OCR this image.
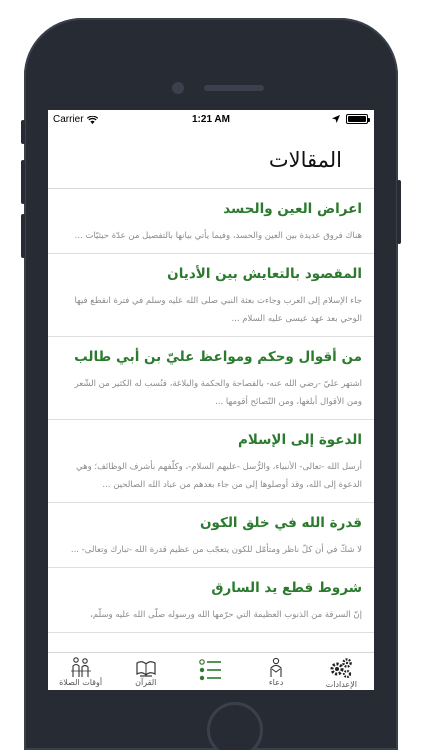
Carrier	1:21 AM
المقالات
اعراض العين والحسد
هناك فروق عديدة بين العين والحسد، وفيما يأتي بيانها بالتفصيل من عدّة حيثيّات ...
المقصود بالتعايش بين الأديان
جاء الإسلام إلى العرب وجاءت بعثة النبي صلى الله عليه وسلم في فترة انقطع فيها الوحي بعد عهد عيسى عليه السلام ...
من أقوال وحكم ومواعظ عليّ بن أبي طالب
اشتهر عليّ -رضي الله عنه- بالفصاحة والحكمة والبلاغة، فنُسب له الكثير من الشّعر ومن الأقوال أبلغها، ومن النّصائح أقومها ...
الدعوة إلى الإسلام
أرسل الله -تعالى- الأنبياء، والرُّسل -عليهم السلام-، وكلّفهم بأشرف الوظائف؛ وهي الدعوة إلى الله، وقد أوصلوها إلى من جاء بعدهم من عباد الله الصالحين ...
قدرة الله في خلق الكون
لا شكّ في أن كلّ ناظر ومتأمّل للكون يتعجّب من عظيم قدرة الله -تبارك وتعالى- ...
شروط قطع يد السارق
إنّ السرقة من الذنوب العظيمة التي حرّمها الله ورسوله صلّى الله عليه وسلّم،
أوقات الصلاة	القرآن	دعاء	الإعدادات
